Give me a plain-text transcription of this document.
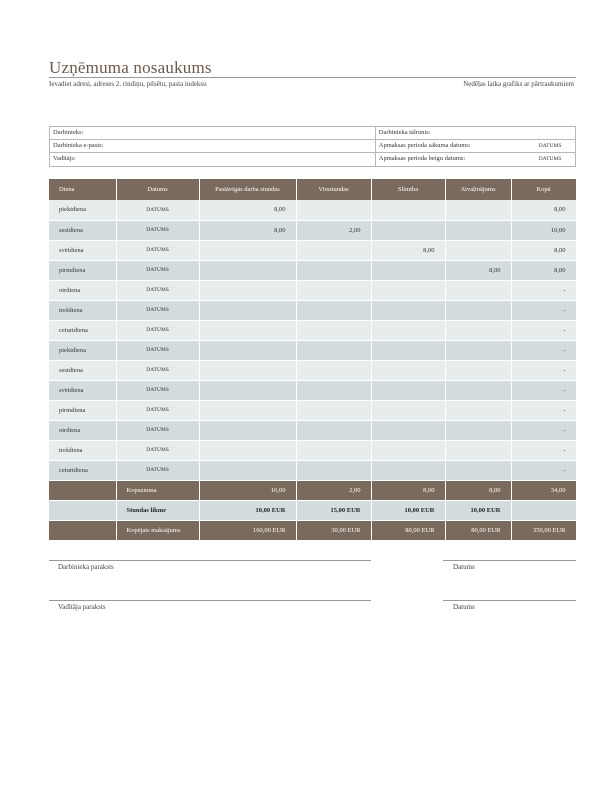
Uzņēmuma nosaukums
Ievadiet adresi, adreses 2. rindiņu, pilsētu, pasta indeksu	Nedēļas laika grafiks ar pārtraukumiem
Darbinieks:	Darbinieka tālrunis:
Darbinieka e-pasts:	Apmaksas perioda sākuma datums:	DATUMS
Vadītājs:	Apmaksas perioda beigu datums:	DATUMS
Diena	Datums	Pastāvīgās darba stundas	Virsstundas	Slimība	Atvaļinājums	Kopā
piektdiena	DATUMS	8,00				8,00
sestdiena	DATUMS	8,00	2,00			10,00
svētdiena	DATUMS			8,00		8,00
pirmdiena	DATUMS				8,00	8,00
otrdiena	DATUMS					-
trešdiena	DATUMS					-
ceturtdiena	DATUMS					-
piektdiena	DATUMS					-
sestdiena	DATUMS					-
svētdiena	DATUMS					-
pirmdiena	DATUMS					-
otrdiena	DATUMS					-
trešdiena	DATUMS					-
ceturtdiena	DATUMS					-
	Kopsumma	16,00	2,00	8,00	8,00	34,00
	Stundas likme	10,00 EUR	15,00 EUR	10,00 EUR	10,00 EUR	
	Kopējais maksājums	160,00 EUR	30,00 EUR	80,00 EUR	80,00 EUR	350,00 EUR
Darbinieka paraksts	Datums
Vadītāja paraksts	Datums
